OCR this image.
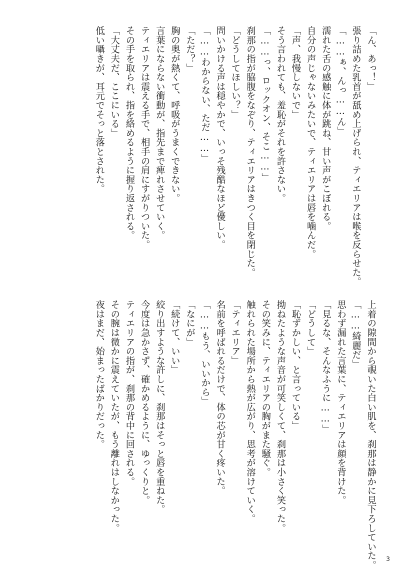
「ん、あっ！」
張り詰めた乳首が舐め上げられ、ティエリアは喉を反らせた。
「……ぁ、んっ……ん」
濡れた舌の感触に体が跳ね、甘い声がこぼれる。
自分の声じゃないみたいで、ティエリアは唇を噛んだ。
「声、我慢しないで」
そう言われても、羞恥がそれを許さない。
「……っ、ロックオン、そこ……」
刹那の指が脇腹をなぞり、ティエリアはきつく目を閉じた。
「どうしてほしい？」
問いかける声は穏やかで、いっそ残酷なほど優しい。
「……わからない、ただ……」
「ただ？」
胸の奥が熱くて、呼吸がうまくできない。
言葉にならない衝動が、指先まで痺れさせていく。
ティエリアは震える手で、相手の肩にすがりついた。
その手を取られ、指を絡めるように握り返される。
「大丈夫だ、ここにいる」
低い囁きが、耳元でそっと落とされた。
上着の隙間から覗いた白い肌を、刹那は静かに見下ろしていた。
「……綺麗だ」
思わず漏れた言葉に、ティエリアは顔を背けた。
「見るな、そんなふうに……」
「どうして」
「恥ずかしい、と言っている」
拗ねたような声音が可笑しくて、刹那は小さく笑った。
その笑みに、ティエリアの胸がまた騒ぐ。
触れられた場所から熱が広がり、思考が溶けていく。
「ティエリア」
名前を呼ばれるだけで、体の芯が甘く疼いた。
「……もう、いいから」
「なにが」
「続けて、いい」
絞り出すような許しに、刹那はそっと唇を重ねた。
今度は急かさず、確かめるように、ゆっくりと。
ティエリアの指が、刹那の背中に回される。
その腕は微かに震えていたが、もう離れはしなかった。
夜はまだ、始まったばかりだった。
3
